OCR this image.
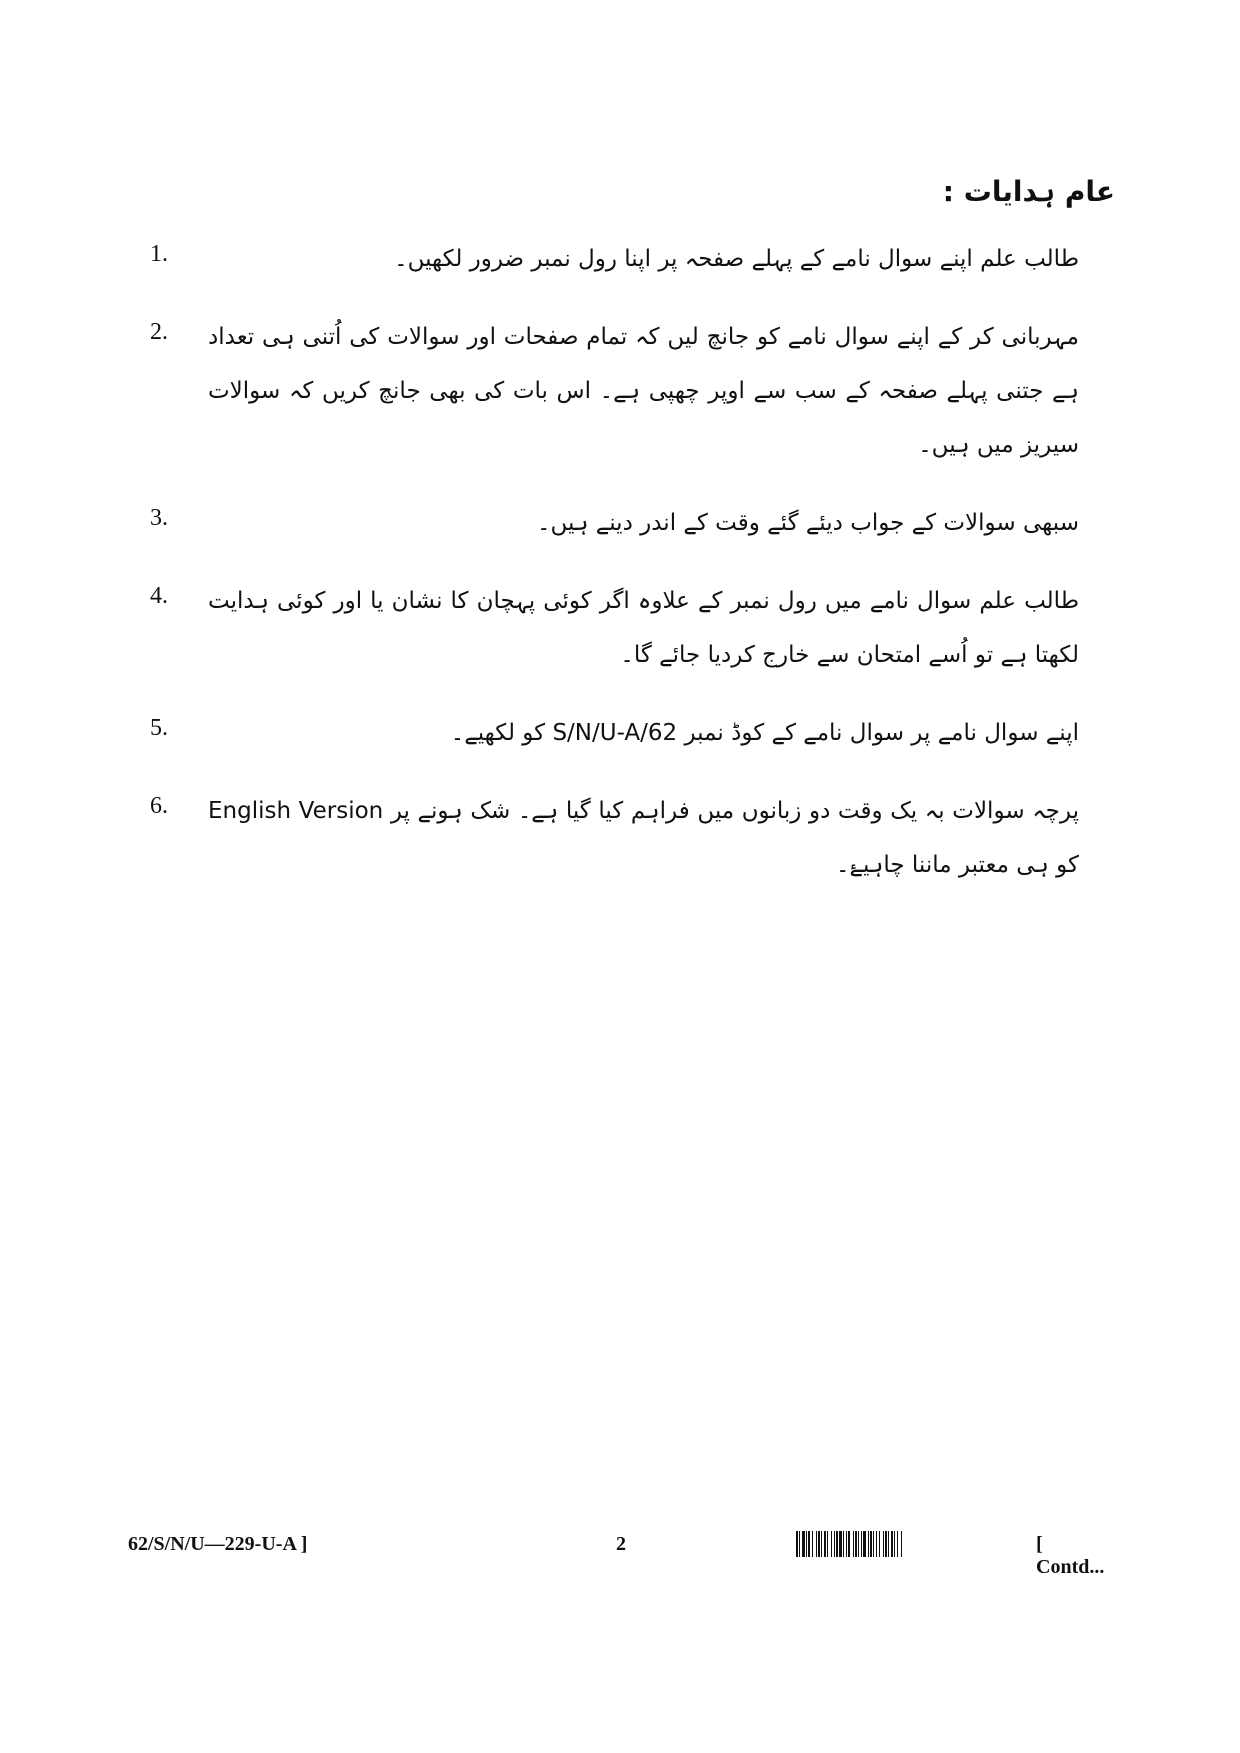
عام ہدایات :
1.	طالب علم اپنے سوال نامے کے پہلے صفحہ پر اپنا رول نمبر ضرور لکھیں۔
2.	مہربانی کر کے اپنے سوال نامے کو جانچ لیں کہ تمام صفحات اور سوالات کی اُتنی ہی تعداد ہے جتنی پہلے صفحہ کے سب سے اوپر چھپی ہے۔ اس بات کی بھی جانچ کریں کہ سوالات سیریز میں ہیں۔
3.	سبھی سوالات کے جواب دیئے گئے وقت کے اندر دینے ہیں۔
4.	طالب علم سوال نامے میں رول نمبر کے علاوہ اگر کوئی پہچان کا نشان یا اور کوئی ہدایت لکھتا ہے تو اُسے امتحان سے خارج کردیا جائے گا۔
5.	اپنے سوال نامے پر سوال نامے کے کوڈ نمبر 62/S/N/U-A کو لکھیے۔
6.	پرچہ سوالات بہ یک وقت دو زبانوں میں فراہم کیا گیا ہے۔ شک ہونے پر English Version کو ہی معتبر ماننا چاہیۓ۔
62/S/N/U—229-U-A ]	2	[ Contd...
